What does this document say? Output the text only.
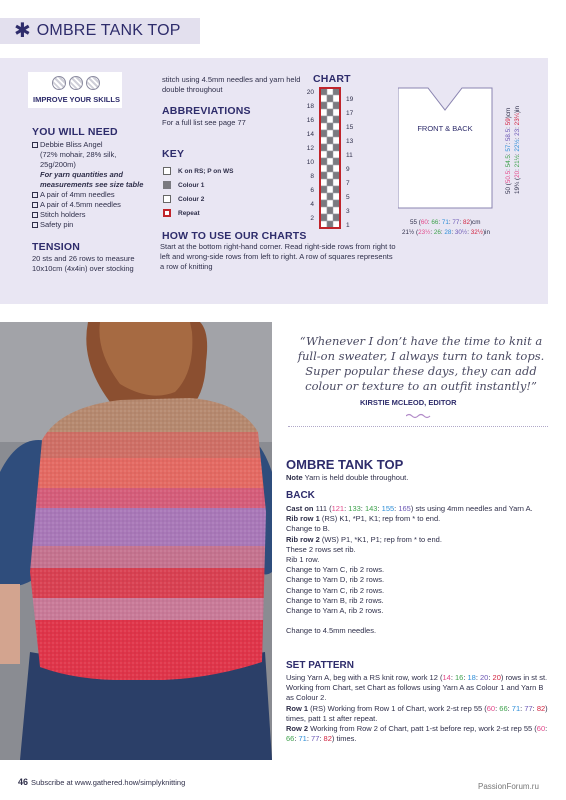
✱ OMBRE TANK TOP
IMPROVE YOUR SKILLS
YOU WILL NEED
Debbie Bliss Angel
(72% mohair, 28% silk, 25g/200m)
For yarn quantities and measurements see size table
A pair of 4mm needles
A pair of 4.5mm needles
Stitch holders
Safety pin
TENSION
20 sts and 26 rows to measure 10x10cm (4x4in) over stocking
stitch using 4.5mm needles and yarn held double throughout
ABBREVIATIONS
For a full list see page 77
KEY
K on RS; P on WS
Colour 1
Colour 2
Repeat
HOW TO USE OUR CHARTS
Start at the bottom right-hand corner. Read right-side rows from right to left and wrong-side rows from left to right. A row of squares represents a row of knitting
CHART
20
18
16
14
12
10
8
6
4
2
19
17
15
13
11
9
7
5
3
1
FRONT & BACK
55 (60: 66: 71: 77: 82)cm
21½ (23½: 26: 28: 30½: 32½)in
50 (50.5: 54.5: 57: 58.5: 59)cm
19¾ (20: 21½: 22½: 23: 23¼)in
“Whenever I don’t have the time to knit a full-on sweater, I always turn to tank tops. Super popular these days, they can add colour or texture to an outfit instantly!”
KIRSTIE MCLEOD, EDITOR
OMBRE TANK TOP
Note Yarn is held double throughout.
BACK
Cast on 111 (121: 133: 143: 155: 165) sts using 4mm needles and Yarn A.
Rib row 1 (RS) K1, *P1, K1; rep from * to end.
Change to B.
Rib row 2 (WS) P1, *K1, P1; rep from * to end.
These 2 rows set rib.
Rib 1 row.
Change to Yarn C, rib 2 rows.
Change to Yarn D, rib 2 rows.
Change to Yarn C, rib 2 rows.
Change to Yarn B, rib 2 rows.
Change to Yarn A, rib 2 rows.
Change to 4.5mm needles.
SET PATTERN
Using Yarn A, beg with a RS knit row, work 12 (14: 16: 18: 20: 20) rows in st st.
Working from Chart, set Chart as follows using Yarn A as Colour 1 and Yarn B as Colour 2.
Row 1 (RS) Working from Row 1 of Chart, work 2-st rep 55 (60: 66: 71: 77: 82) times, patt 1 st after repeat.
Row 2 Working from Row 2 of Chart, patt 1-st before rep, work 2-st rep 55 (60: 66: 71: 77: 82) times.
46 Subscribe at www.gathered.how/simplyknitting	PassionForum.ru
